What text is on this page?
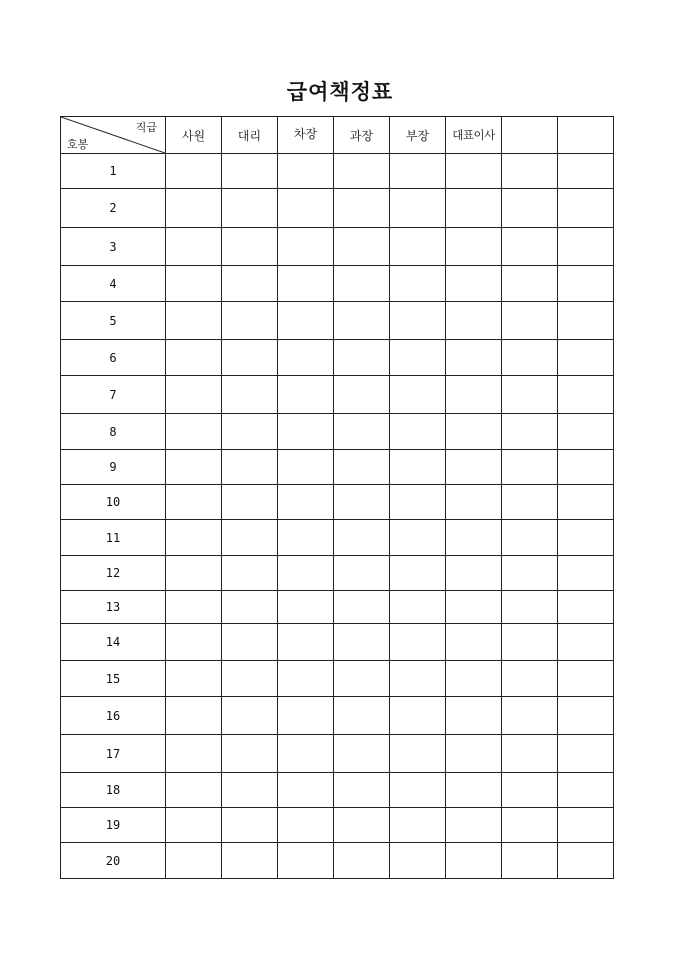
급여책정표
직급
호봉	사원	대리	차장	과장	부장	대표이사		
1								
2								
3								
4								
5								
6								
7								
8								
9								
10								
11								
12								
13								
14								
15								
16								
17								
18								
19								
20								
